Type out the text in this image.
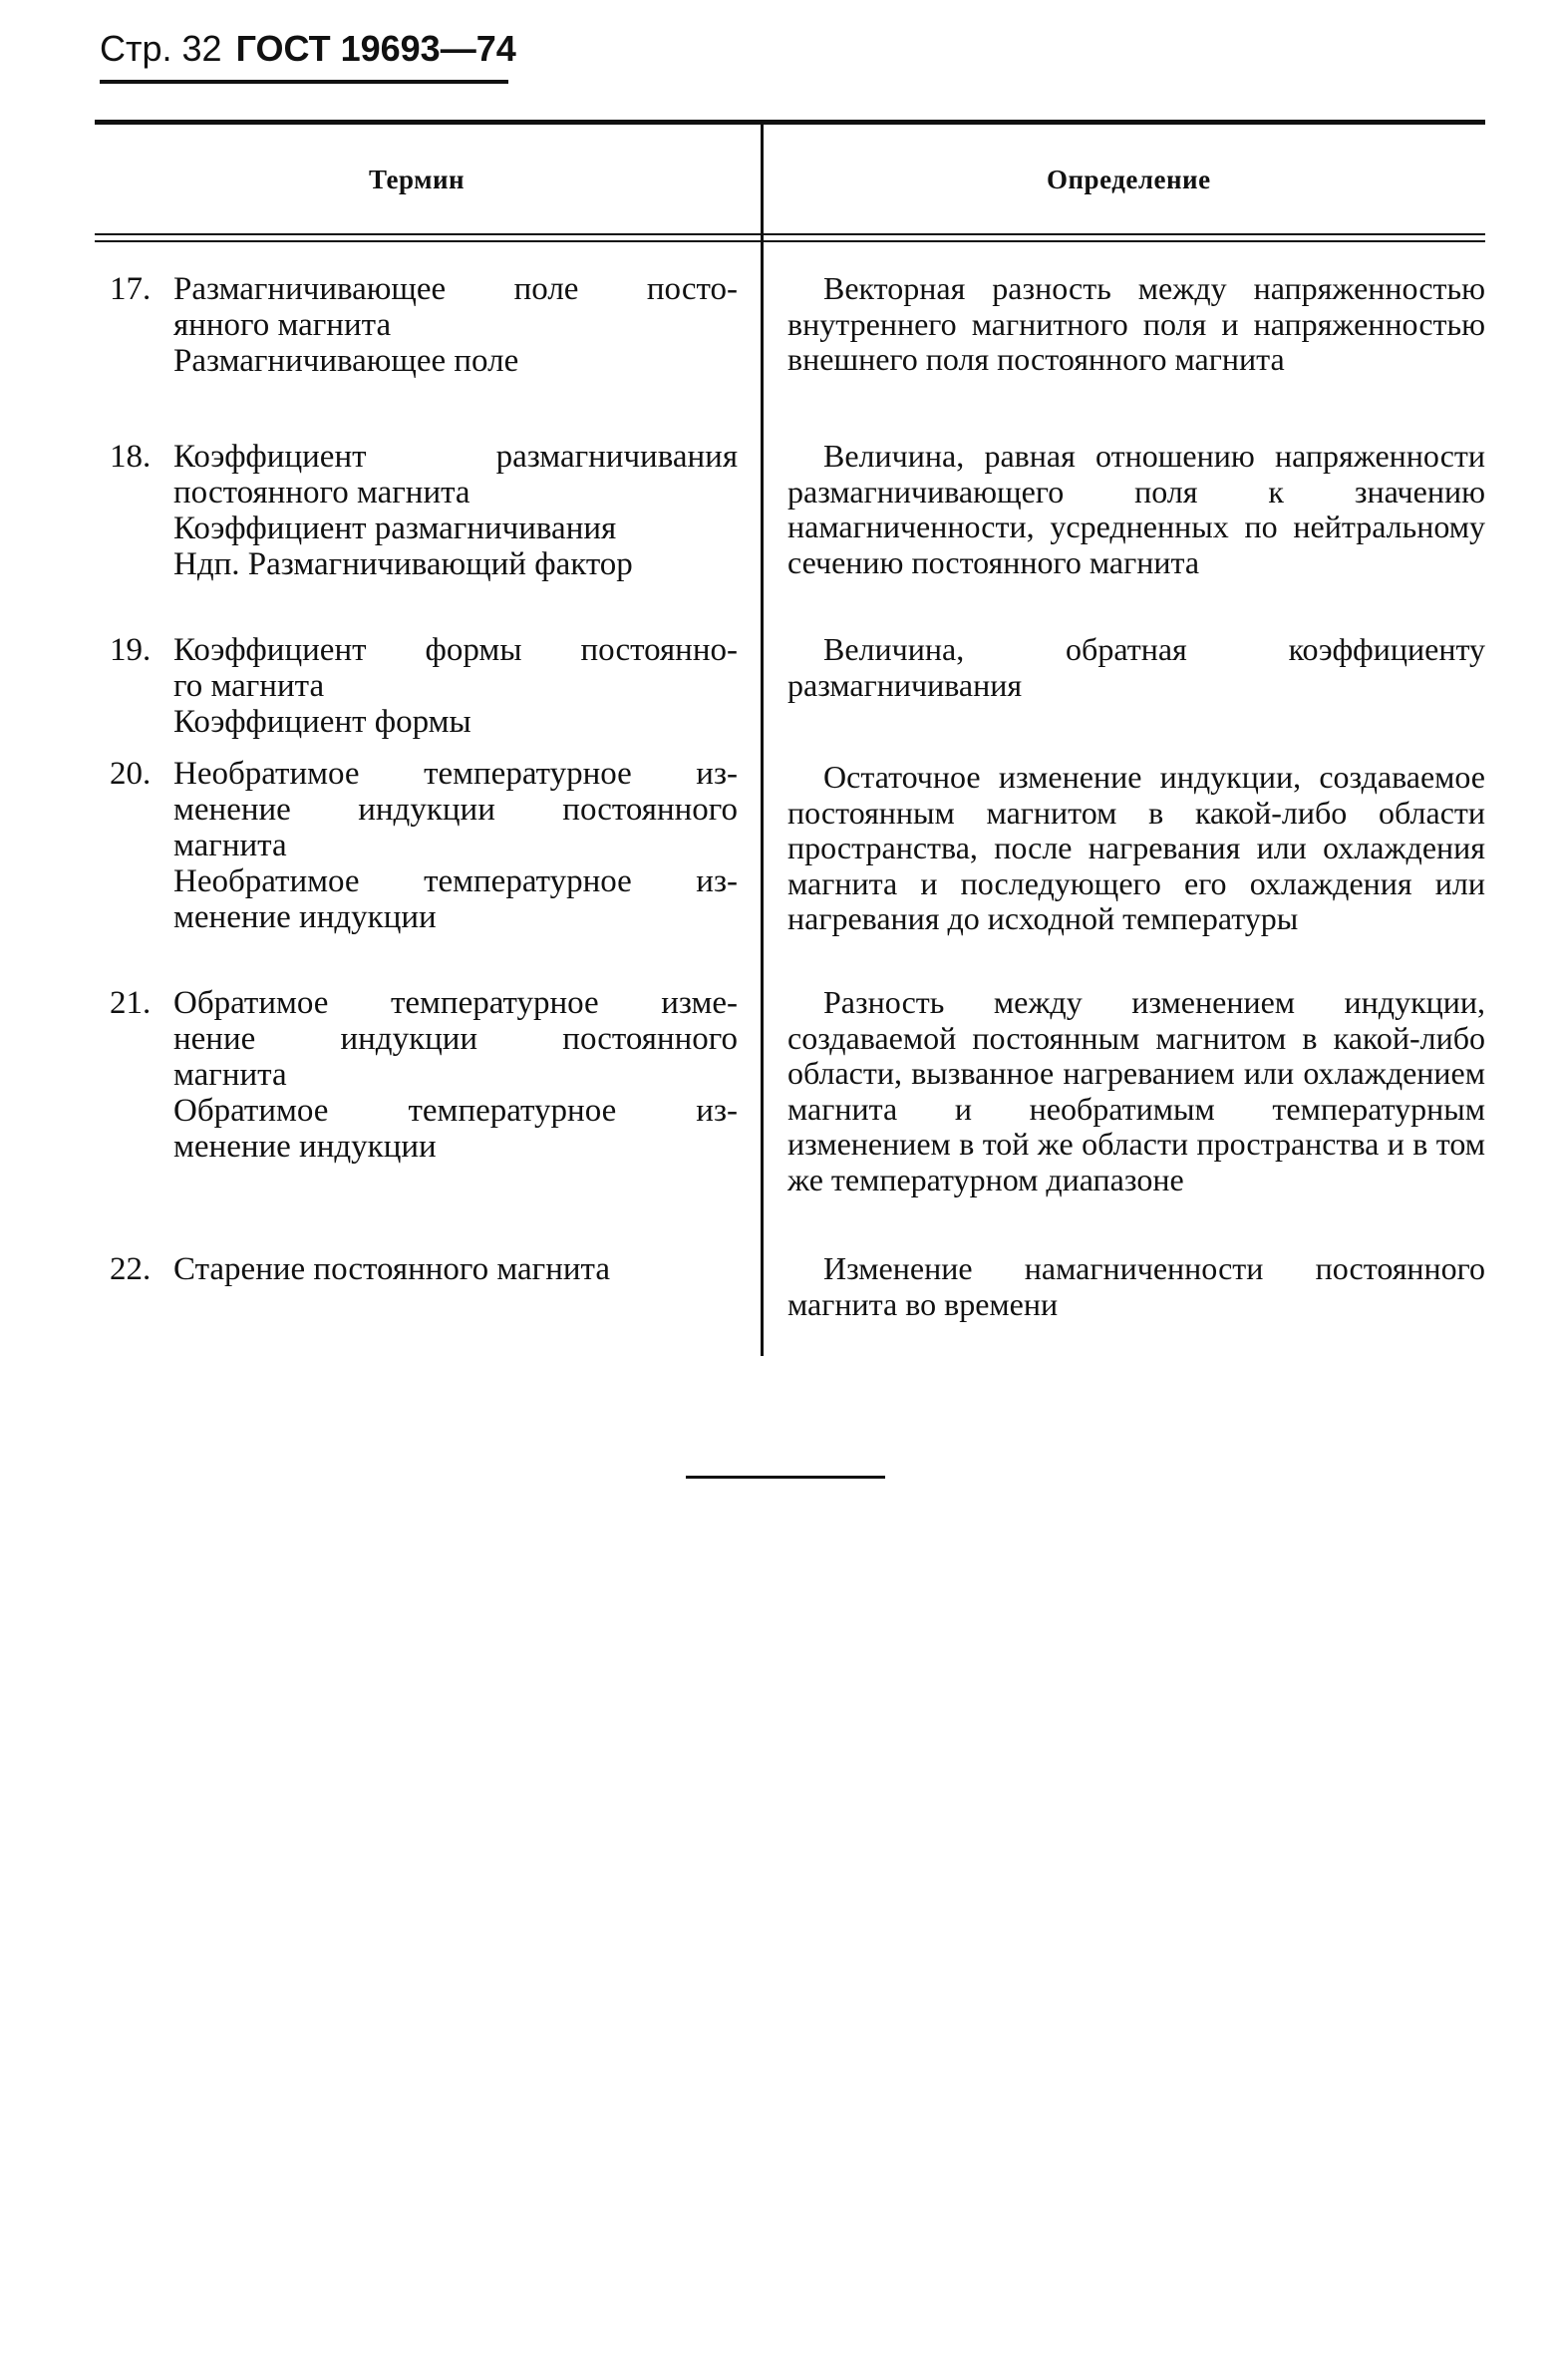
Стр. 32 ГОСТ 19693—74
Термин	Определение
17. Размагничивающее поле посто-
янного магнита
Размагничивающее поле
Векторная разность между напряженностью внутреннего магнитного поля и напряженностью внешнего поля постоянного магнита
18. Коэффициент размагничивания
постоянного магнита
Коэффициент размагничивания
Ндп. Размагничивающий фактор
Величина, равная отношению напряженности размагничивающего поля к значению намагниченности, усредненных по нейтральному сечению постоянного магнита
19. Коэффициент формы постоянно-
го магнита
Коэффициент формы
Величина, обратная коэффициенту размагничивания
20. Необратимое температурное из-
менение индукции постоянного
магнита
Необратимое температурное из-
менение индукции
Остаточное изменение индукции, создаваемое постоянным магнитом в какой-либо области пространства, после нагревания или охлаждения магнита и последующего его охлаждения или нагревания до исходной температуры
21. Обратимое температурное изме-
нение индукции постоянного
магнита
Обратимое температурное из-
менение индукции
Разность между изменением индукции, создаваемой постоянным магнитом в какой-либо области, вызванное нагреванием или охлаждением магнита и необратимым температурным изменением в той же области пространства и в том же температурном диапазоне
22. Старение постоянного магнита	Изменение намагниченности постоянного магнита во времени
